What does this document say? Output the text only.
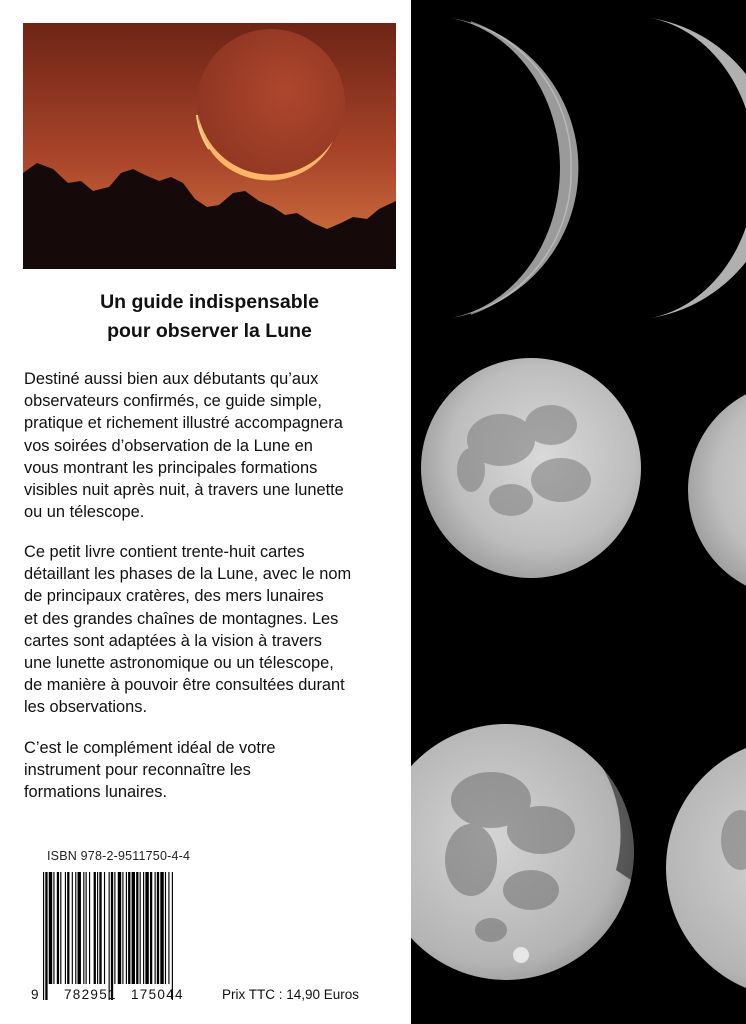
Un guide indispensable
pour observer la Lune
Destiné aussi bien aux débutants qu’aux
observateurs confirmés, ce guide simple,
pratique et richement illustré accompagnera
vos soirées d’observation de la Lune en
vous montrant les principales formations
visibles nuit après nuit, à travers une lunette
ou un télescope.
Ce petit livre contient trente-huit cartes
détaillant les phases de la Lune, avec le nom
de principaux cratères, des mers lunaires
et des grandes chaînes de montagnes. Les
cartes sont adaptées à la vision à travers
une lunette astronomique ou un télescope,
de manière à pouvoir être consultées durant
les observations.
C’est le complément idéal de votre
instrument pour reconnaître les
formations lunaires.
ISBN 978-2-9511750-4-4
9 782951 175044	Prix TTC : 14,90 Euros
